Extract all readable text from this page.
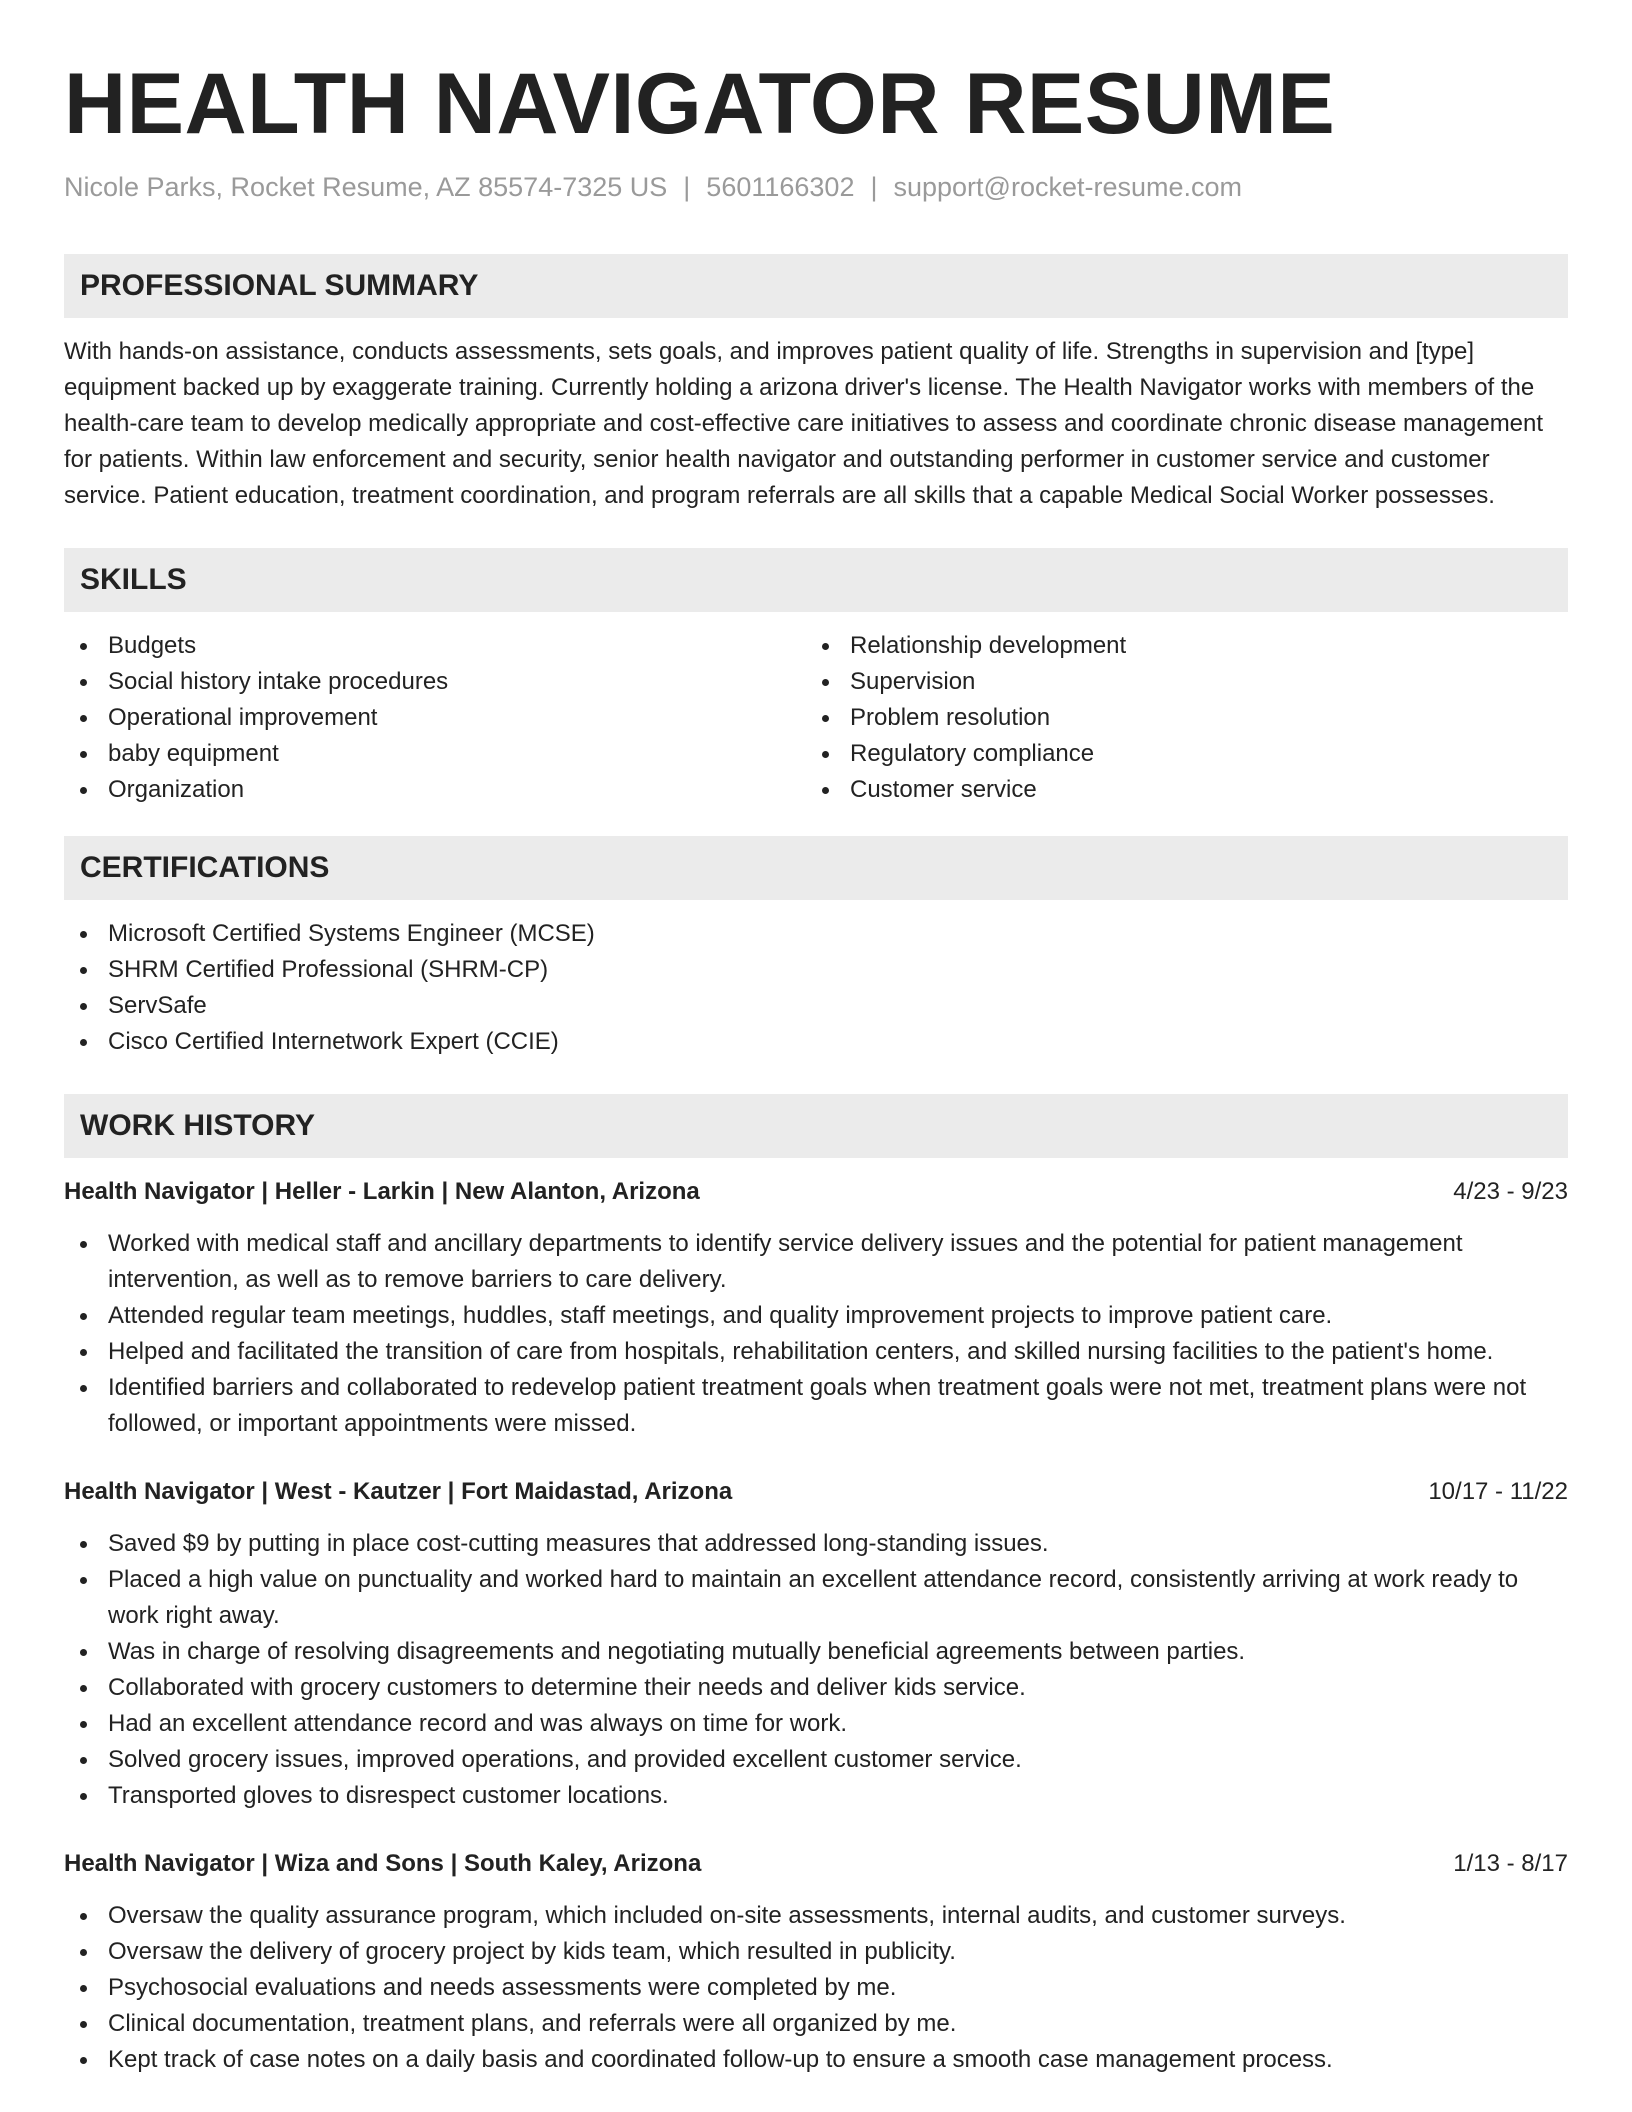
HEALTH NAVIGATOR RESUME
Nicole Parks, Rocket Resume, AZ 85574-7325 US | 5601166302 | support@rocket-resume.com
PROFESSIONAL SUMMARY

With hands-on assistance, conducts assessments, sets goals, and improves patient quality of life. Strengths in supervision and [type] equipment backed up by exaggerate training. Currently holding a arizona driver's license. The Health Navigator works with members of the health-care team to develop medically appropriate and cost-effective care initiatives to assess and coordinate chronic disease management for patients. Within law enforcement and security, senior health navigator and outstanding performer in customer service and customer service. Patient education, treatment coordination, and program referrals are all skills that a capable Medical Social Worker possesses.

SKILLS
Budgets
Social history intake procedures
Operational improvement
baby equipment
Organization
Relationship development
Supervision
Problem resolution
Regulatory compliance
Customer service
CERTIFICATIONS
Microsoft Certified Systems Engineer (MCSE)
SHRM Certified Professional (SHRM-CP)
ServSafe
Cisco Certified Internetwork Expert (CCIE)
WORK HISTORY
Health Navigator | Heller - Larkin | New Alanton, Arizona	4/23 - 9/23
Worked with medical staff and ancillary departments to identify service delivery issues and the potential for patient management intervention, as well as to remove barriers to care delivery.
Attended regular team meetings, huddles, staff meetings, and quality improvement projects to improve patient care.
Helped and facilitated the transition of care from hospitals, rehabilitation centers, and skilled nursing facilities to the patient's home.
Identified barriers and collaborated to redevelop patient treatment goals when treatment goals were not met, treatment plans were not followed, or important appointments were missed.
Health Navigator | West - Kautzer | Fort Maidastad, Arizona	10/17 - 11/22
Saved $9 by putting in place cost-cutting measures that addressed long-standing issues.
Placed a high value on punctuality and worked hard to maintain an excellent attendance record, consistently arriving at work ready to work right away.
Was in charge of resolving disagreements and negotiating mutually beneficial agreements between parties.
Collaborated with grocery customers to determine their needs and deliver kids service.
Had an excellent attendance record and was always on time for work.
Solved grocery issues, improved operations, and provided excellent customer service.
Transported gloves to disrespect customer locations.
Health Navigator | Wiza and Sons | South Kaley, Arizona	1/13 - 8/17
Oversaw the quality assurance program, which included on-site assessments, internal audits, and customer surveys.
Oversaw the delivery of grocery project by kids team, which resulted in publicity.
Psychosocial evaluations and needs assessments were completed by me.
Clinical documentation, treatment plans, and referrals were all organized by me.
Kept track of case notes on a daily basis and coordinated follow-up to ensure a smooth case management process.
